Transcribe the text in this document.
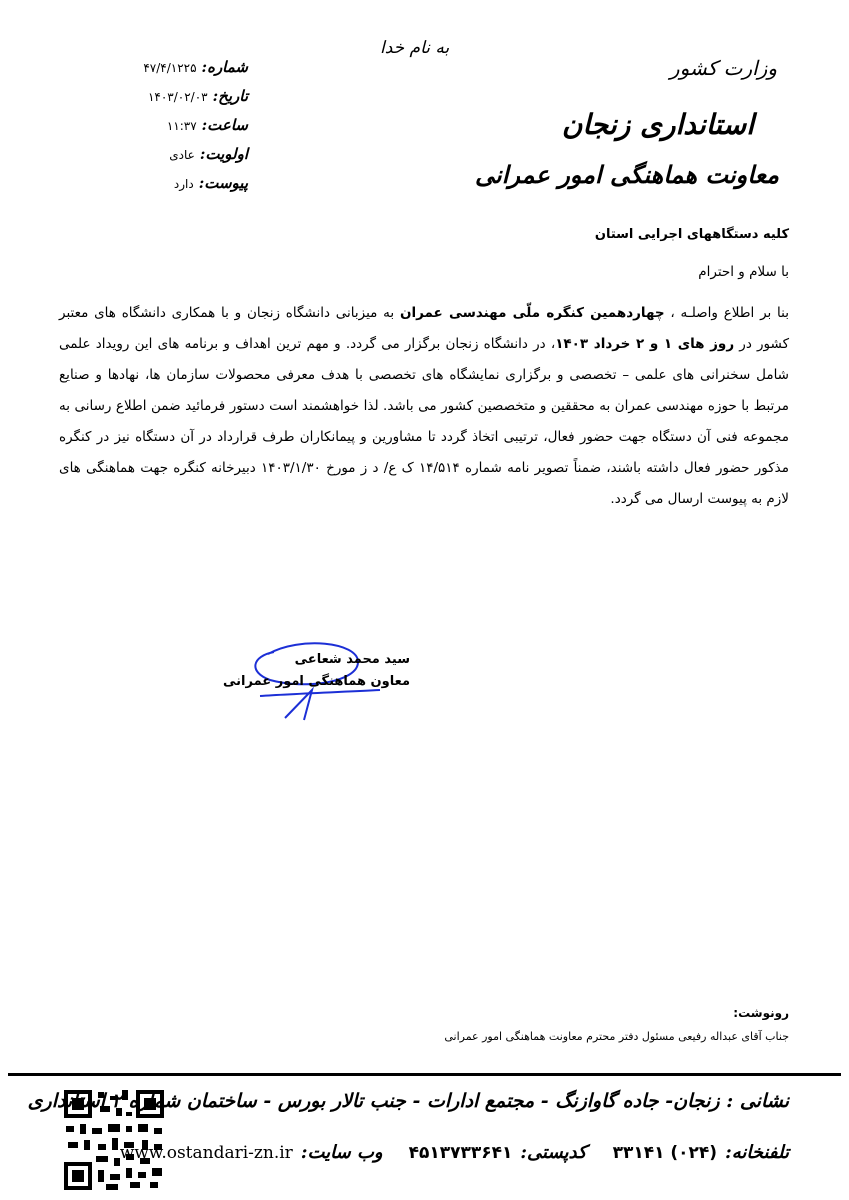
به نام خدا
وزارت کشور
استانداری زنجان
معاونت هماهنگی امور عمرانی
شماره:
۴۷/۴/۱۲۲۵
تاریخ:
۱۴۰۳/۰۲/۰۳
ساعت:
۱۱:۳۷
اولویت:
عادی
پیوست:
دارد
کلیه دستگاههای اجرایی استان
با سلام و احترام
بنا بر اطلاع واصلـه ، چهاردهمین کنگره ملّی مهندسی عمران به میزبانی دانشگاه زنجان و با همکاری دانشگاه های معتبر کشور در روز های ۱ و ۲ خرداد ۱۴۰۳، در دانشگاه زنجان برگزار می گردد. و مهم ترین اهداف و برنامه های این رویداد علمی شامل سخنرانی های علمی – تخصصی و برگزاری نمایشگاه های تخصصی با هدف معرفی محصولات سازمان ها، نهادها و صنایع مرتبط با حوزه مهندسی عمران به محققین و متخصصین کشور می باشد. لذا خواهشمند است دستور فرمائید ضمن اطلاع رسانی به مجموعه فنی آن دستگاه جهت حضور فعال، ترتیبی اتخاذ گردد تا مشاورین و پیمانکاران طرف قرارداد در آن دستگاه نیز در کنگره مذکور حضور فعال داشته باشند، ضمناً تصویر نامه شماره ۱۴/۵۱۴ ک ع/ د ز مورخ ۱۴۰۳/۱/۳۰ دبیرخانه کنگره جهت هماهنگی های لازم به پیوست ارسال می گردد.
سید محمد شعاعی
معاون هماهنگی امور عمرانی
رونوشت:
جناب آقای عبداله رفیعی مسئول دفتر محترم معاونت هماهنگی امور عمرانی
نشانی : زنجان- جاده گاوازنگ - مجتمع ادارات - جنب تالار بورس - ساختمان شماره ۲ استانداری
تلفنخانه:
(۰۲۴) ۳۳۱۴۱
کدپستی:
۴۵۱۳۷۳۳۶۴۱
وب سایت:
www.ostandari-zn.ir
